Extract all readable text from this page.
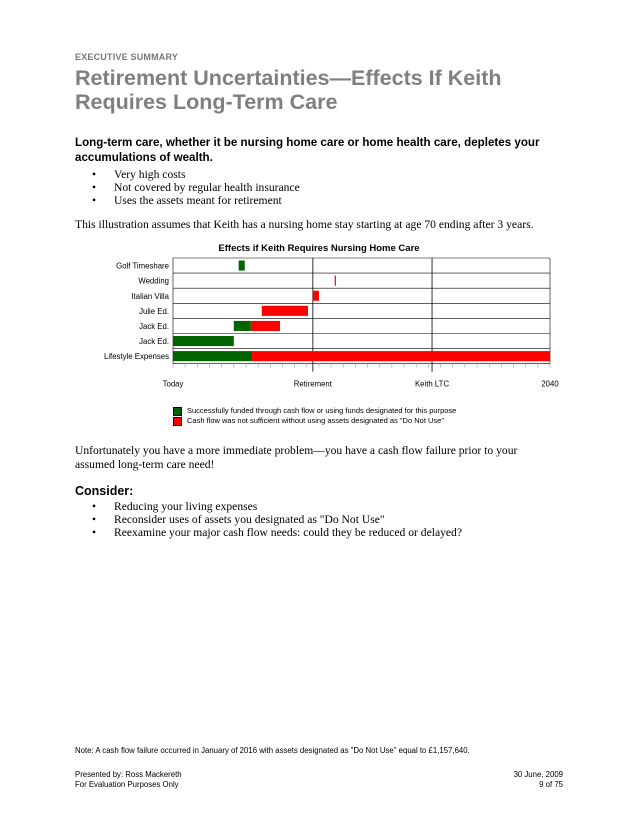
EXECUTIVE SUMMARY
Retirement Uncertainties—Effects If Keith
Requires Long-Term Care
Long-term care, whether it be nursing home care or home health care, depletes your accumulations of wealth.
• Very high costs
• Not covered by regular health insurance
• Uses the assets meant for retirement
This illustration assumes that Keith has a nursing home stay starting at age 70 ending after 3 years.
Effects if Keith Requires Nursing Home Care
Golf Timeshare
Wedding
Italian Villa
Julie Ed.
Jack Ed.
Jack Ed.
Lifestyle Expenses
Today	Retirement	Keith LTC	2040
Successfully funded through cash flow or using funds designated for this purpose
Cash flow was not sufficient without using assets designated as "Do Not Use"
Unfortunately you have a more immediate problem—you have a cash flow failure prior to your assumed long-term care need!
Consider:
• Reducing your living expenses
• Reconsider uses of assets you designated as "Do Not Use"
• Reexamine your major cash flow needs: could they be reduced or delayed?
Note: A cash flow failure occurred in January of 2016 with assets designated as "Do Not Use" equal to £1,157,640.
Presented by: Ross Mackereth
For Evaluation Purposes Only
30 June, 2009
9 of 75
